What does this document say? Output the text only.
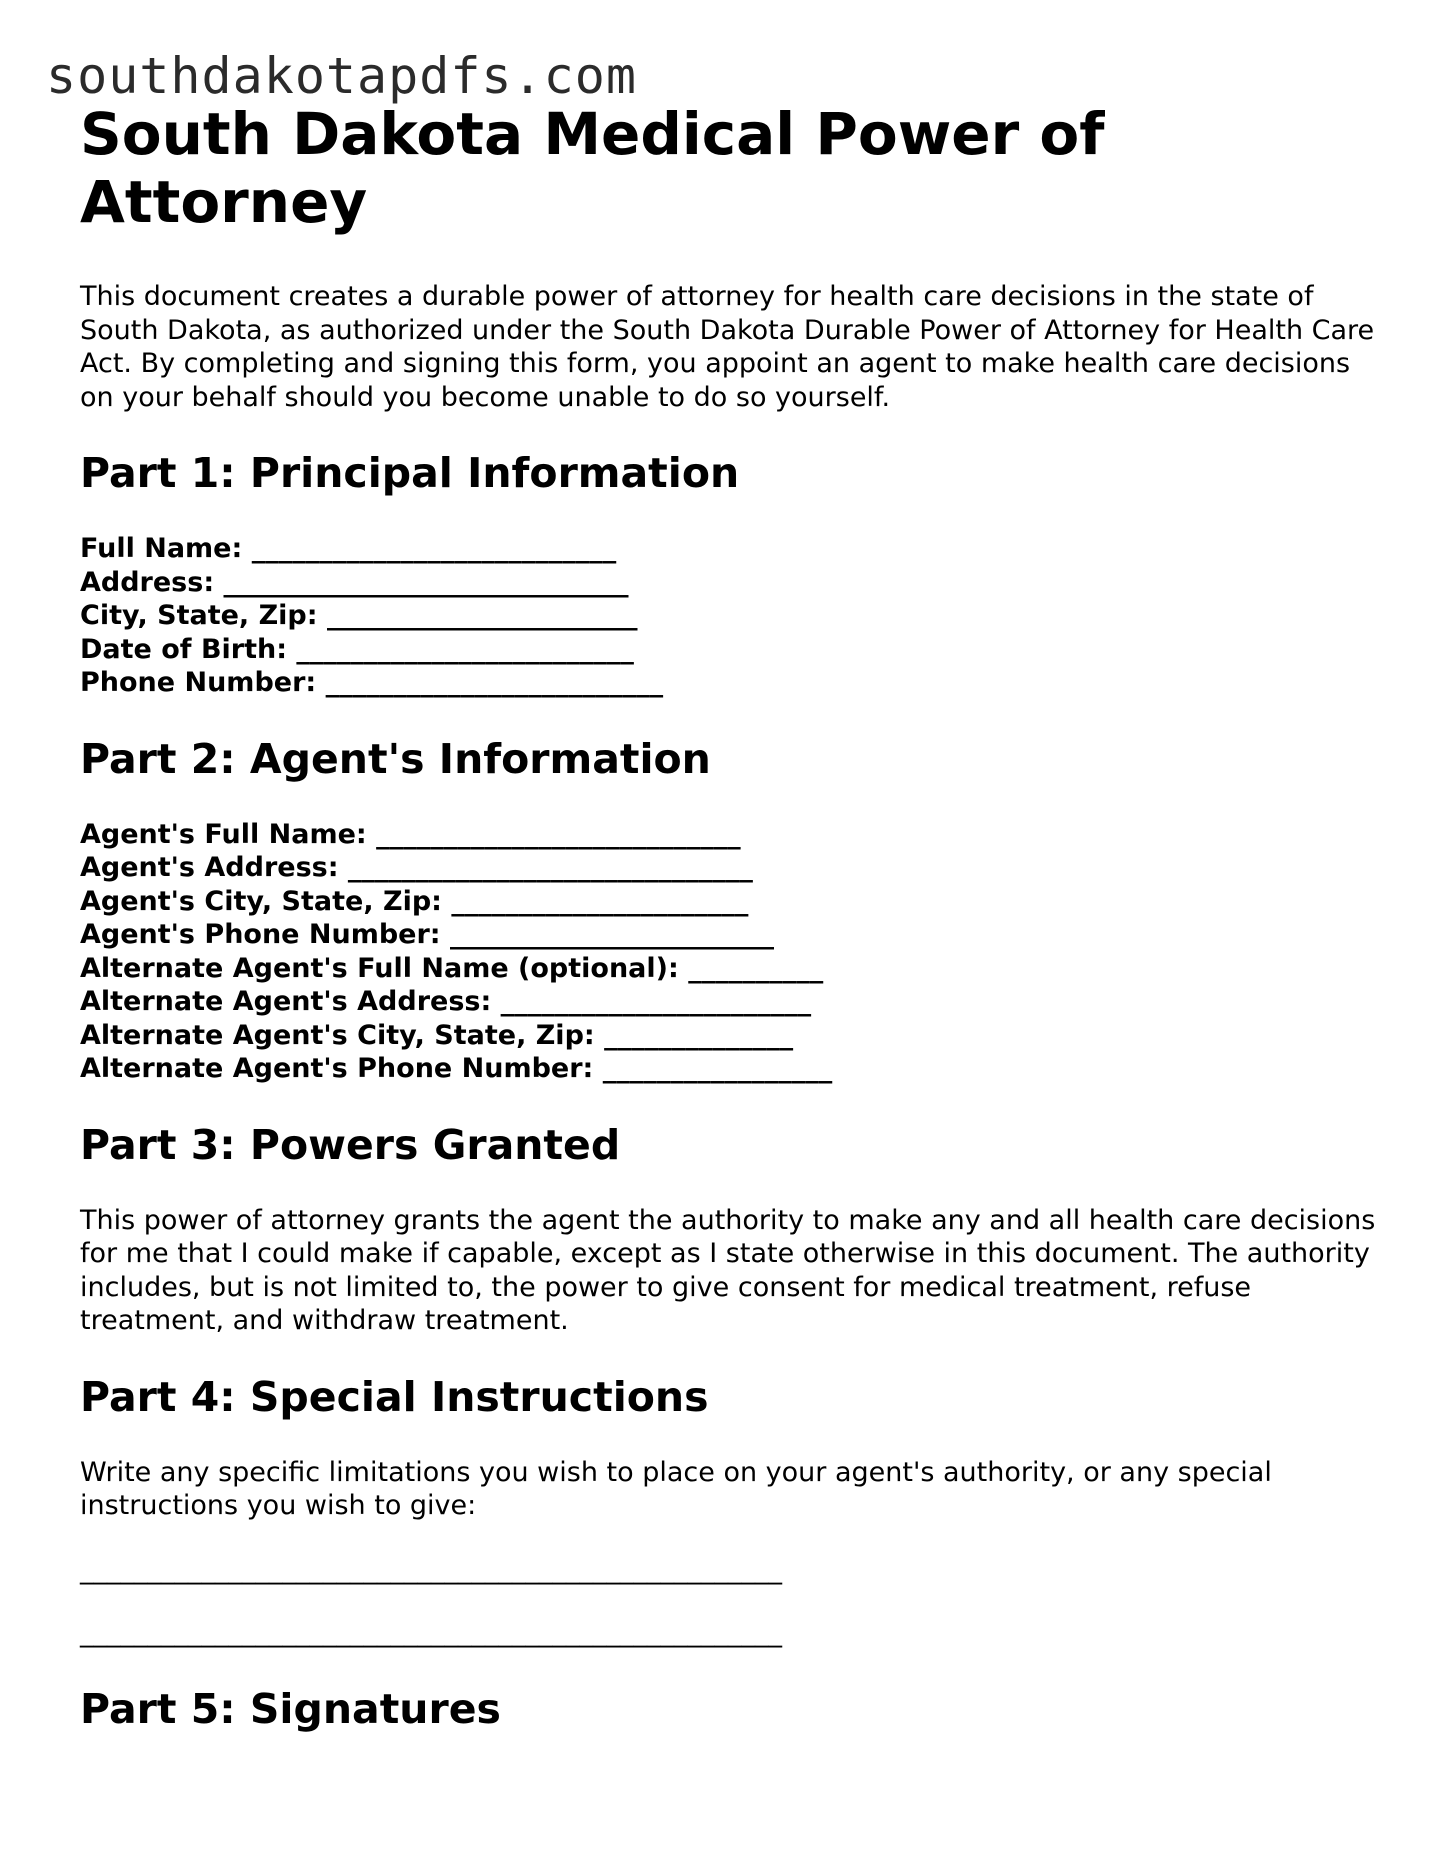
southdakotapdfs.com
South Dakota Medical Power of Attorney

This document creates a durable power of attorney for health care decisions in the state of South Dakota, as authorized under the South Dakota Durable Power of Attorney for Health Care Act. By completing and signing this form, you appoint an agent to make health care decisions on your behalf should you become unable to do so yourself.

Part 1: Principal Information
Full Name: ___________________________
Address: ______________________________
City, State, Zip: _______________________
Date of Birth: _________________________
Phone Number: _________________________
Part 2: Agent's Information
Agent's Full Name: ___________________________
Agent's Address: ______________________________
Agent's City, State, Zip: ______________________
Agent's Phone Number: ________________________
Alternate Agent's Full Name (optional): __________
Alternate Agent's Address: _______________________
Alternate Agent's City, State, Zip: ______________
Alternate Agent's Phone Number: _________________
Part 3: Powers Granted

This power of attorney grants the agent the authority to make any and all health care decisions for me that I could make if capable, except as I state otherwise in this document. The authority includes, but is not limited to, the power to give consent for medical treatment, refuse treatment, and withdraw treatment.

Part 4: Special Instructions

Write any specific limitations you wish to place on your agent's authority, or any special instructions you wish to give:

____________________________________________________
____________________________________________________
Part 5: Signatures
